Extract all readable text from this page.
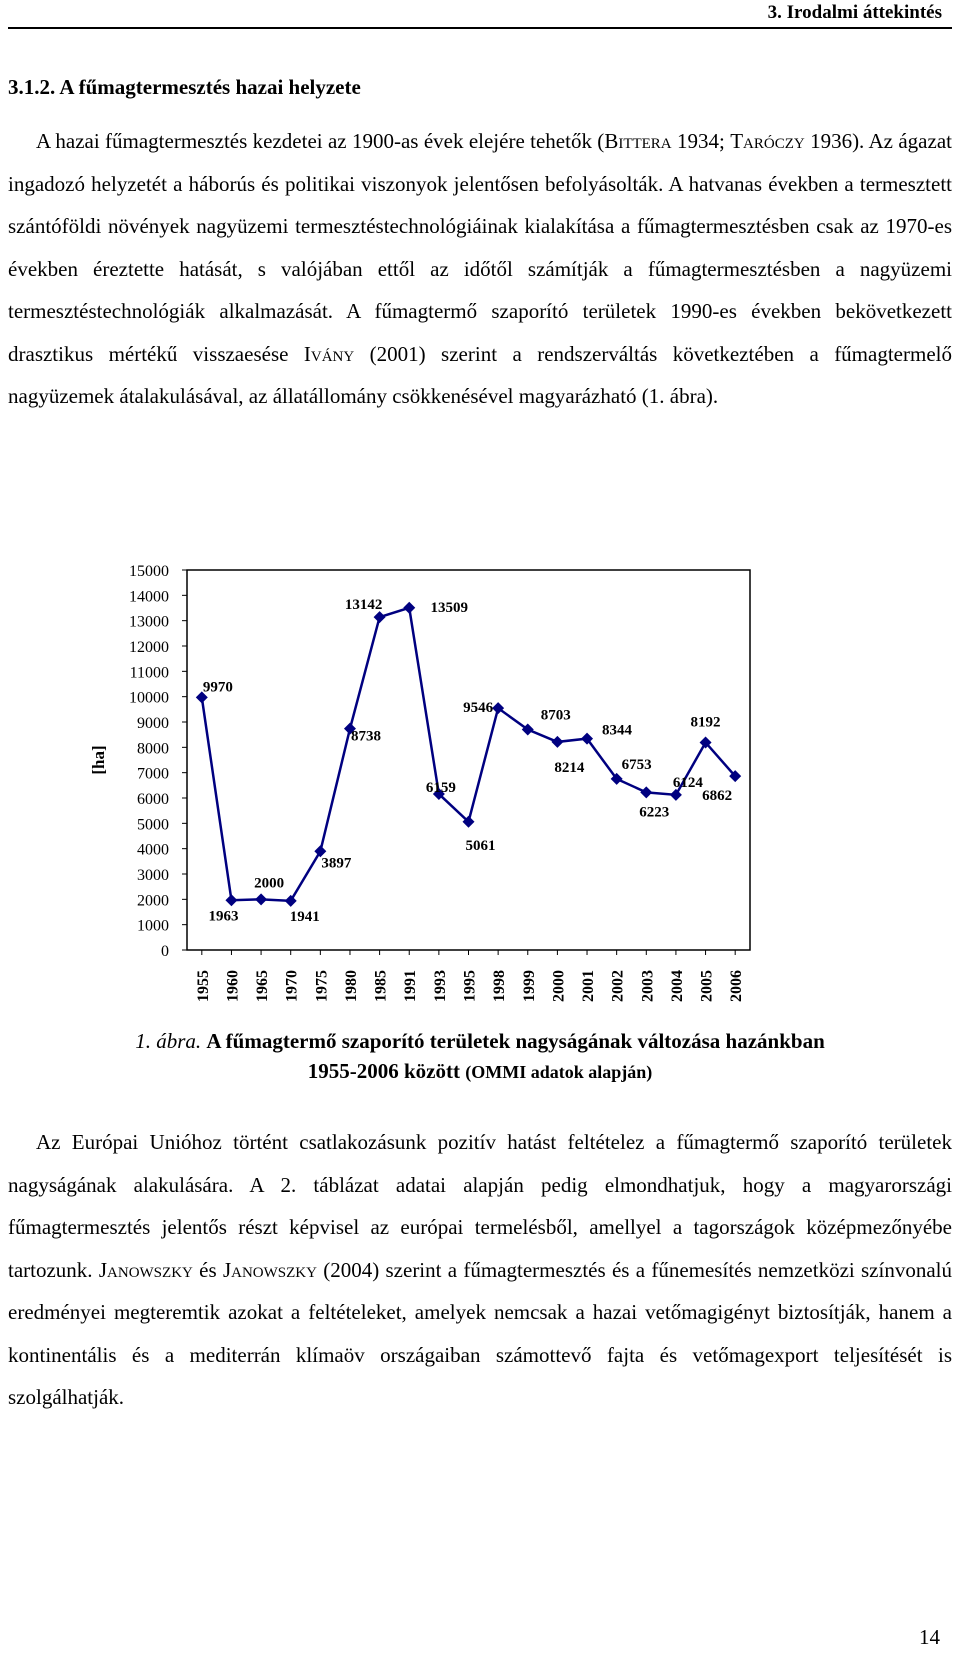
3. Irodalmi áttekintés
3.1.2. A fűmagtermesztés hazai helyzete

A hazai fűmagtermesztés kezdetei az 1900-as évek elejére tehetők (Bittera 1934; Taróczy 1936). Az ágazat ingadozó helyzetét a háborús és politikai viszonyok jelentősen befolyásolták. A hatvanas években a termesztett szántóföldi növények nagyüzemi termesztéstechnológiáinak kialakítása a fűmagtermesztésben csak az 1970-es években éreztette hatását, s valójában ettől az időtől számítják a fűmagtermesztésben a nagyüzemi termesztéstechnológiák alkalmazását. A fűmagtermő szaporító területek 1990-es években bekövetkezett drasztikus mértékű visszaesése Ivány (2001) szerint a rendszerváltás következtében a fűmagtermelő nagyüzemek átalakulásával, az állatállomány csökkenésével magyarázható (1. ábra).

0
1000
2000
3000
4000
5000
6000
7000
8000
9000
10000
11000
12000
13000
14000
15000
[ha]
1955 1960 1965 1970 1975 1980 1985 1991 1993 1995 1998 1999 2000 2001 2002 2003 2004 2005 2006
9970
1963
2000
1941
3897
8738
13142	13509
6159
5061
9546	8703
8214
8344
6753
6223
6124
8192
6862
1. ábra. A fűmagtermő szaporító területek nagyságának változása hazánkban
1955-2006 között (OMMI adatok alapján)

Az Európai Unióhoz történt csatlakozásunk pozitív hatást feltételez a fűmagtermő szaporító területek nagyságának alakulására. A 2. táblázat adatai alapján pedig elmondhatjuk, hogy a magyarországi fűmagtermesztés jelentős részt képvisel az európai termelésből, amellyel a tagországok középmezőnyébe tartozunk. Janowszky és Janowszky (2004) szerint a fűmagtermesztés és a fűnemesítés nemzetközi színvonalú eredményei megteremtik azokat a feltételeket, amelyek nemcsak a hazai vetőmagigényt biztosítják, hanem a kontinentális és a mediterrán klímaöv országaiban számottevő fajta és vetőmagexport teljesítését is szolgálhatják.

14
